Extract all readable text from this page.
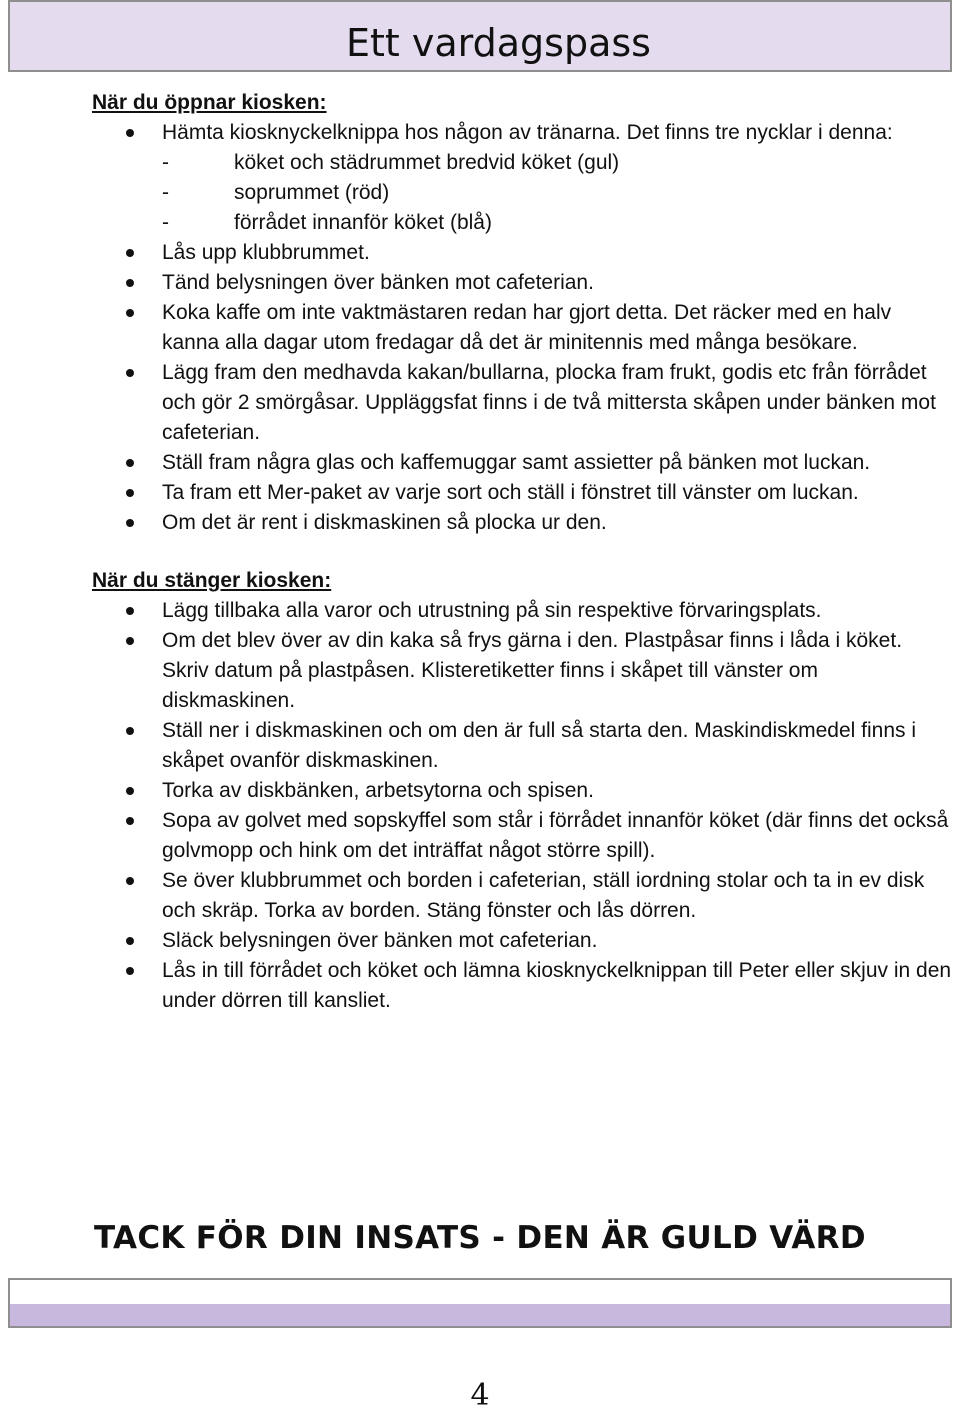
Ett vardagspass
När du öppnar kiosken:
Hämta kiosknyckelknippa hos någon av tränarna. Det finns tre nycklar i denna:
-	köket och städrummet bredvid köket (gul)
-	soprummet (röd)
-	förrådet innanför köket (blå)
Lås upp klubbrummet.
Tänd belysningen över bänken mot cafeterian.
Koka kaffe om inte vaktmästaren redan har gjort detta. Det räcker med en halv kanna alla dagar utom fredagar då det är minitennis med många besökare.
Lägg fram den medhavda kakan/bullarna, plocka fram frukt, godis etc från förrådet och gör 2 smörgåsar. Uppläggsfat finns i de två mittersta skåpen under bänken mot cafeterian.
Ställ fram några glas och kaffemuggar samt assietter på bänken mot luckan.
Ta fram ett Mer-paket av varje sort och ställ i fönstret till vänster om luckan.
Om det är rent i diskmaskinen så plocka ur den.
När du stänger kiosken:
Lägg tillbaka alla varor och utrustning på sin respektive förvaringsplats.
Om det blev över av din kaka så frys gärna i den. Plastpåsar finns i låda i köket. Skriv datum på plastpåsen. Klisteretiketter finns i skåpet till vänster om diskmaskinen.
Ställ ner i diskmaskinen och om den är full så starta den. Maskindiskmedel finns i skåpet ovanför diskmaskinen.
Torka av diskbänken, arbetsytorna och spisen.
Sopa av golvet med sopskyffel som står i förrådet innanför köket (där finns det också golvmopp och hink om det inträffat något större spill).
Se över klubbrummet och borden i cafeterian, ställ iordning stolar och ta in ev disk och skräp. Torka av borden. Stäng fönster och lås dörren.
Släck belysningen över bänken mot cafeterian.
Lås in till förrådet och köket och lämna kiosknyckelknippan till Peter eller skjuv in den under dörren till kansliet.
TACK FÖR DIN INSATS - DEN ÄR GULD VÄRD
4
